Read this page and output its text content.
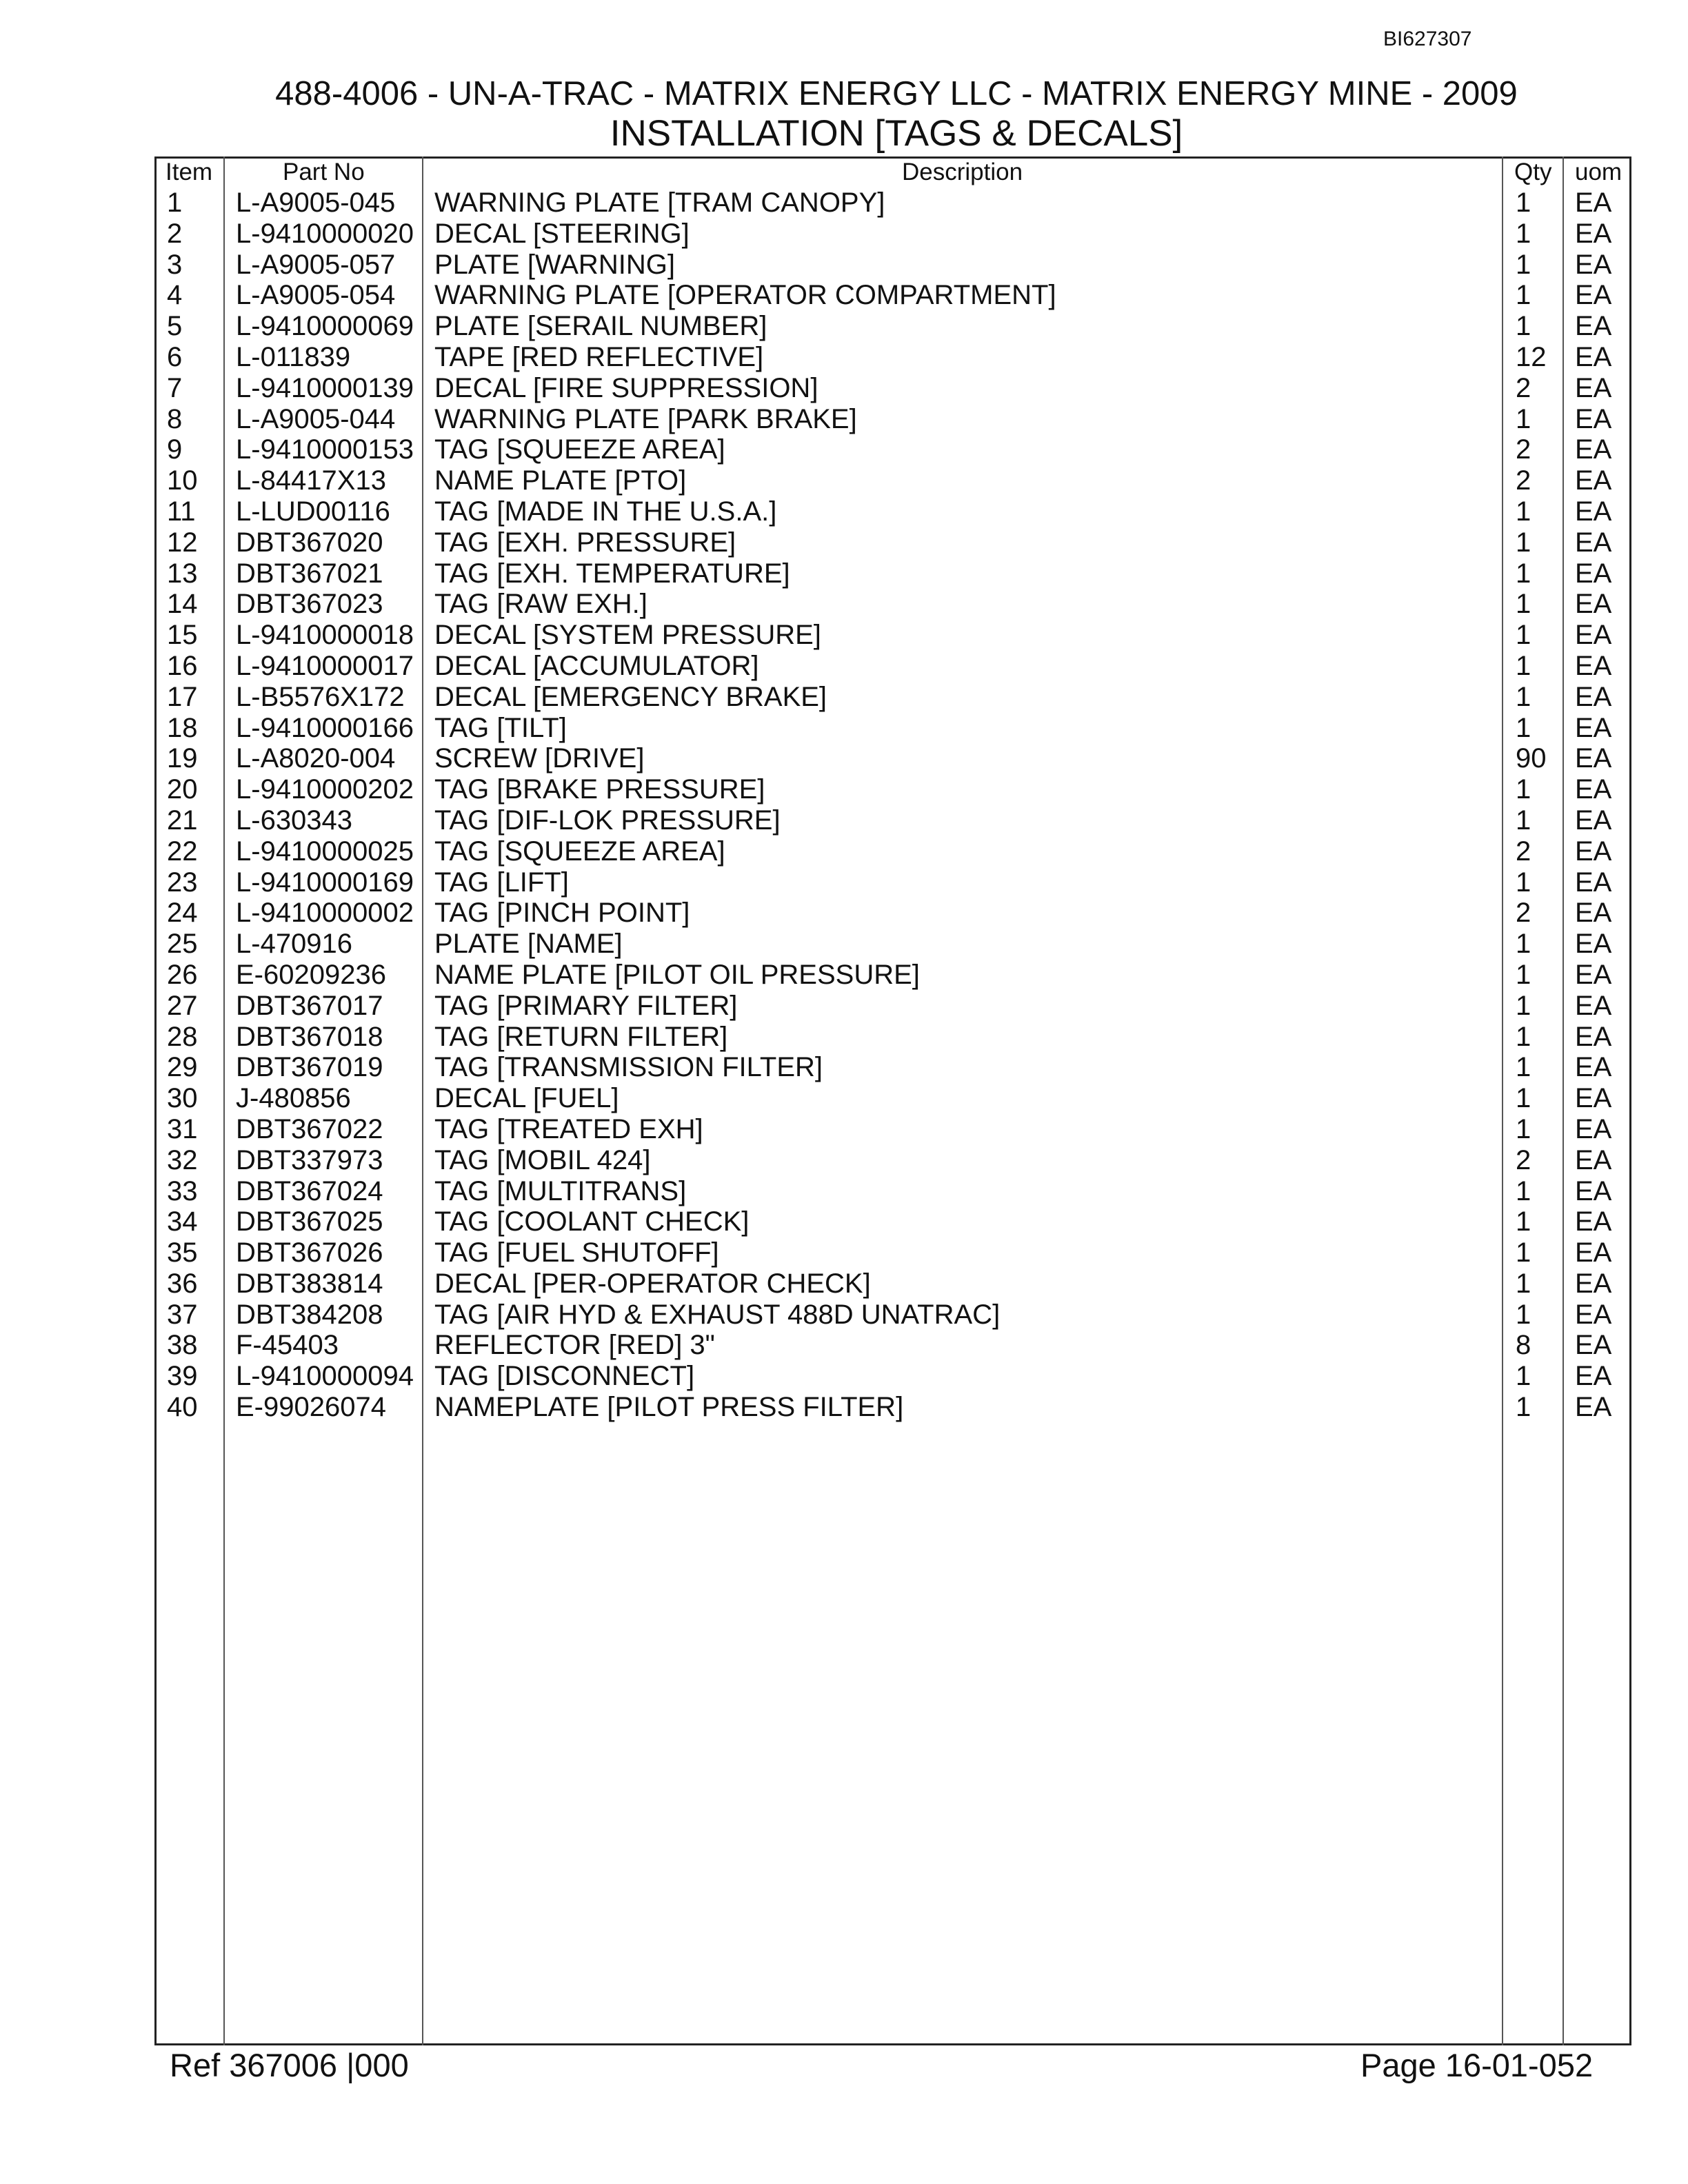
BI627307
488-4006 - UN-A-TRAC - MATRIX ENERGY LLC - MATRIX ENERGY MINE - 2009
INSTALLATION [TAGS & DECALS]
Item	Part No	Description	Qty uom
1 L-A9005-045 WARNING PLATE [TRAM CANOPY]	1 EA
2 L-9410000020 DECAL [STEERING]	1 EA
3 L-A9005-057 PLATE [WARNING]	1 EA
4 L-A9005-054 WARNING PLATE [OPERATOR COMPARTMENT]	1 EA
5 L-9410000069 PLATE [SERAIL NUMBER]	1 EA
6 L-011839	TAPE [RED REFLECTIVE]	12 EA
7 L-9410000139 DECAL [FIRE SUPPRESSION]	2 EA
8 L-A9005-044 WARNING PLATE [PARK BRAKE]	1 EA
9 L-9410000153 TAG [SQUEEZE AREA]	2 EA
10 L-84417X13 NAME PLATE [PTO]	2 EA
11 L-LUD00116 TAG [MADE IN THE U.S.A.]	1 EA
12 DBT367020 TAG [EXH. PRESSURE]	1 EA
13 DBT367021 TAG [EXH. TEMPERATURE]	1 EA
14 DBT367023 TAG [RAW EXH.]	1 EA
15 L-9410000018 DECAL [SYSTEM PRESSURE]	1 EA
16 L-9410000017 DECAL [ACCUMULATOR]	1 EA
17 L-B5576X172 DECAL [EMERGENCY BRAKE]	1 EA
18 L-9410000166 TAG [TILT]	1 EA
19 L-A8020-004 SCREW [DRIVE]	90 EA
20 L-9410000202 TAG [BRAKE PRESSURE]	1 EA
21 L-630343	TAG [DIF-LOK PRESSURE]	1 EA
22 L-9410000025 TAG [SQUEEZE AREA]	2 EA
23 L-9410000169 TAG [LIFT]	1 EA
24 L-9410000002 TAG [PINCH POINT]	2 EA
25 L-470916	PLATE [NAME]	1 EA
26 E-60209236 NAME PLATE [PILOT OIL PRESSURE]	1 EA
27 DBT367017 TAG [PRIMARY FILTER]	1 EA
28 DBT367018 TAG [RETURN FILTER]	1 EA
29 DBT367019 TAG [TRANSMISSION FILTER]	1 EA
30 J-480856	DECAL [FUEL]	1 EA
31 DBT367022 TAG [TREATED EXH]	1 EA
32 DBT337973 TAG [MOBIL 424]	2 EA
33 DBT367024 TAG [MULTITRANS]	1 EA
34 DBT367025 TAG [COOLANT CHECK]	1 EA
35 DBT367026 TAG [FUEL SHUTOFF]	1 EA
36 DBT383814 DECAL [PER-OPERATOR CHECK]	1 EA
37 DBT384208 TAG [AIR HYD & EXHAUST 488D UNATRAC]	1 EA
38 F-45403	REFLECTOR [RED] 3"	8 EA
39 L-9410000094 TAG [DISCONNECT]	1 EA
40 E-99026074 NAMEPLATE [PILOT PRESS FILTER]	1 EA
Ref 367006 |000	Page 16-01-052
